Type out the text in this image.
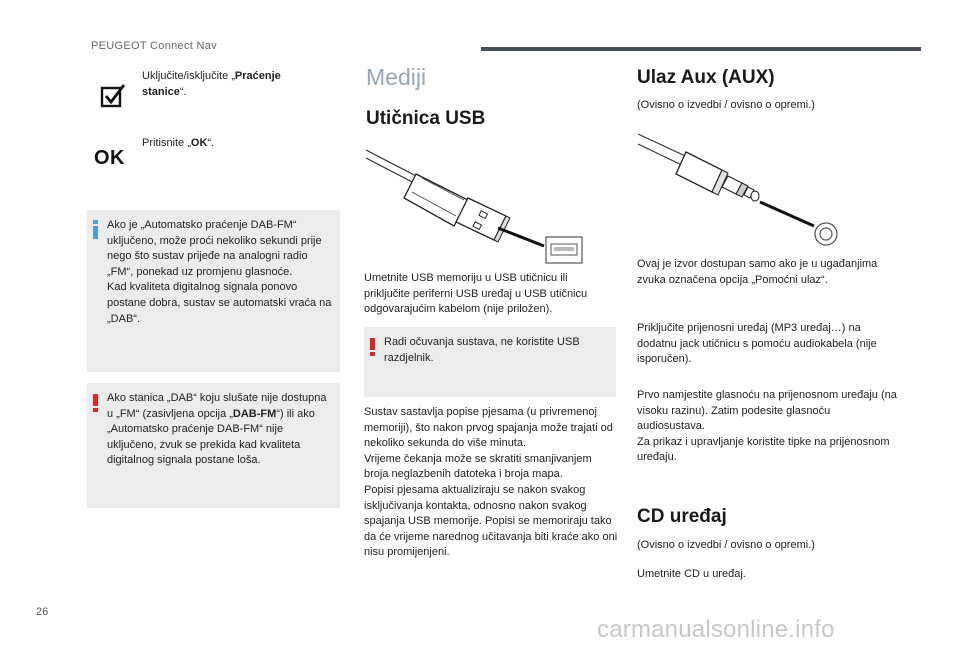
PEUGEOT Connect Nav

Uključite/isključite „Praćenje stanice“.

OK

Pritisnite „OK“.

Ako je „Automatsko praćenje DAB-FM“ uključeno, može proći nekoliko sekundi prije nego što sustav prijeđe na analogni radio „FM“, ponekad uz promjenu glasnoće.

Kad kvaliteta digitalnog signala ponovo postane dobra, sustav se automatski vraća na „DAB“.

Ako stanica „DAB“ koju slušate nije dostupna u „FM“ (zasivljena opcija „DAB-FM“) ili ako „Automatsko praćenje DAB-FM“ nije uključeno, zvuk se prekida kad kvaliteta digitalnog signala postane loša.

Mediji
Utičnica USB

Umetnite USB memoriju u USB utičnicu ili priključite periferni USB uređaj u USB utičnicu odgovarajućim kabelom (nije priložen).

Radi očuvanja sustava, ne koristite USB razdjelnik.

Sustav sastavlja popise pjesama (u privremenoj memoriji), što nakon prvog spajanja može trajati od nekoliko sekunda do više minuta.

Vrijeme čekanja može se skratiti smanjivanjem broja neglazbenih datoteka i broja mapa.

Popisi pjesama aktualiziraju se nakon svakog isključivanja kontakta, odnosno nakon svakog spajanja USB memorije. Popisi se memoriraju tako da će vrijeme narednog učitavanja biti kraće ako oni nisu promijenjeni.

Ulaz Aux (AUX)

(Ovisno o izvedbi / ovisno o opremi.)

Ovaj je izvor dostupan samo ako je u ugađanjima zvuka označena opcija „Pomoćni ulaz“.

Priključite prijenosni uređaj (MP3 uređaj…) na dodatnu jack utičnicu s pomoću audiokabela (nije isporučen).

Prvo namjestite glasnoću na prijenosnom uređaju (na visoku razinu). Zatim podesite glasnoću audiosustava.

Za prikaz i upravljanje koristite tipke na prijenosnom uređaju.

CD uređaj

(Ovisno o izvedbi / ovisno o opremi.)

Umetnite CD u uređaj.

26
carmanualsonline.info
